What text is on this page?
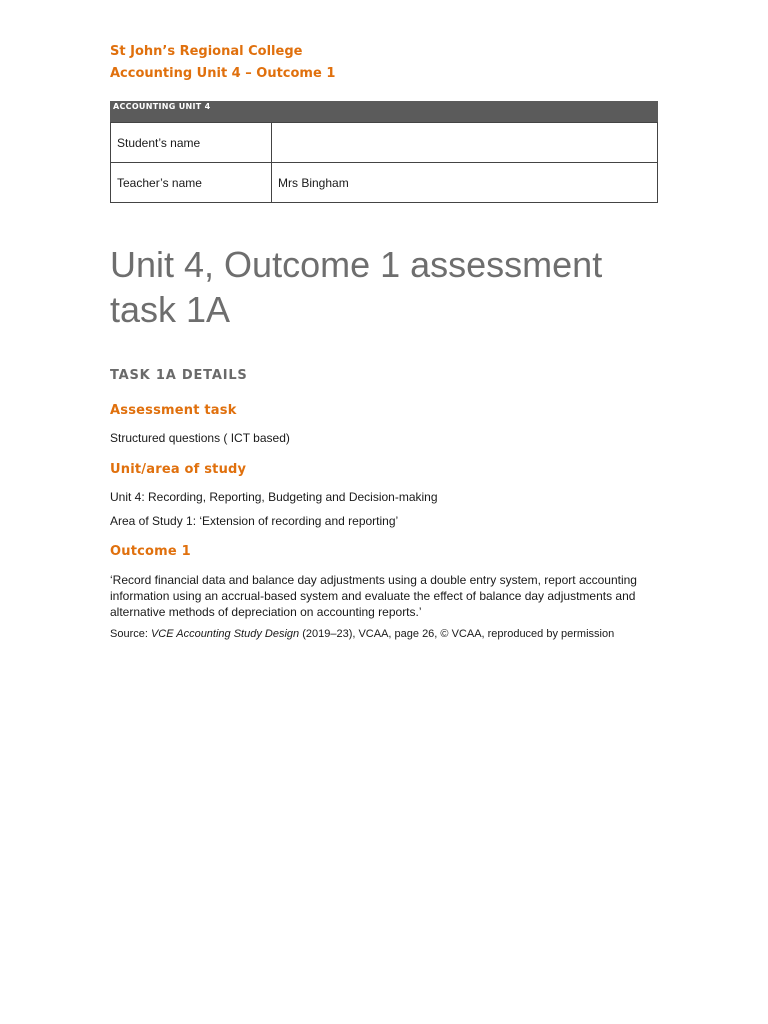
St John’s Regional College
Accounting Unit 4 – Outcome 1
ACCOUNTING UNIT 4
Student’s name	
Teacher’s name	Mrs Bingham
Unit 4, Outcome 1 assessment task 1A
TASK 1A DETAILS
Assessment task
Structured questions ( ICT based)
Unit/area of study
Unit 4: Recording, Reporting, Budgeting and Decision-making
Area of Study 1: ‘Extension of recording and reporting’
Outcome 1
‘Record financial data and balance day adjustments using a double entry system, report accounting information using an accrual-based system and evaluate the effect of balance day adjustments and alternative methods of depreciation on accounting reports.’
Source: VCE Accounting Study Design (2019–23), VCAA, page 26, © VCAA, reproduced by permission
